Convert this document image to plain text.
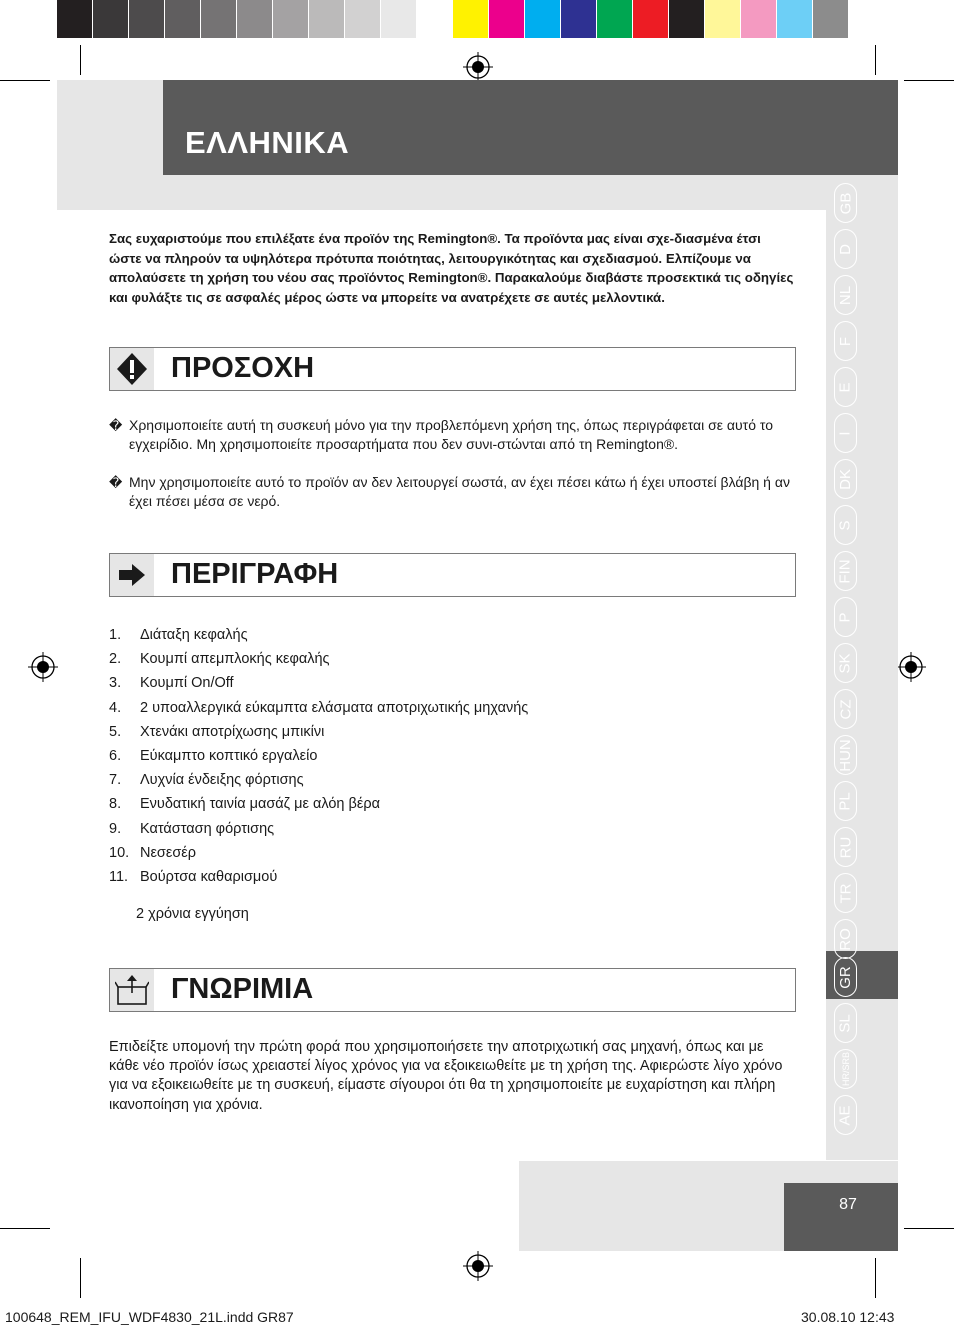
ΕΛΛΗΝΙΚΑ
GB
D
NL
F
E
I
DK
S
FIN
P
SK
CZ
HUN
PL
RU
TR
RO
GR
SL
HR/SRB
AE
Σας ευχαριστούμε που επιλέξατε ένα προϊόν της Remington®. Τα προϊόντα μας είναι σχε-διασμένα έτσι ώστε να πληρούν τα υψηλότερα πρότυπα ποιότητας, λειτουργικότητας και σχεδιασμού. Ελπίζουμε να απολαύσετε τη χρήση του νέου σας προϊόντος Remington®. Παρακαλούμε διαβάστε προσεκτικά τις οδηγίες και φυλάξτε τις σε ασφαλές μέρος ώστε να μπορείτε να ανατρέχετε σε αυτές μελλοντικά.
ΠΡΟΣΟΧΗ
� Χρησιμοποιείτε αυτή τη συσκευή μόνο για την προβλεπόμενη χρήση της, όπως περιγράφεται σε αυτό το εγχειρίδιο. Μη χρησιμοποιείτε προσαρτήματα που δεν συνι-στώνται από τη Remington®.
� Μην χρησιμοποιείτε αυτό το προϊόν αν δεν λειτουργεί σωστά, αν έχει πέσει κάτω ή έχει υποστεί βλάβη ή αν έχει πέσει μέσα σε νερό.
ΠΕΡΙΓΡΑΦΗ
1.	Διάταξη κεφαλής
2.	Κουμπί απεμπλοκής κεφαλής
3.	Κουμπί On/Off
4.	2 υποαλλεργικά εύκαμπτα ελάσματα αποτριχωτικής μηχανής
5.	Χτενάκι αποτρίχωσης μπικίνι
6.	Εύκαμπτο κοπτικό εργαλείο
7.	Λυχνία ένδειξης φόρτισης
8.	Ενυδατική ταινία μασάζ με αλόη βέρα
9.	Κατάσταση φόρτισης
10. Νεσεσέρ
11. Βούρτσα καθαρισμού
2 χρόνια εγγύηση
ΓΝΩΡΙΜΙΑ
Επιδείξτε υπομονή την πρώτη φορά που χρησιμοποιήσετε την αποτριχωτική σας μηχανή, όπως και με κάθε νέο προϊόν ίσως χρειαστεί λίγος χρόνος για να εξοικειωθείτε με τη χρήση της. Αφιερώστε λίγο χρόνο για να εξοικειωθείτε με τη συσκευή, είμαστε σίγουροι ότι θα τη χρησιμοποιείτε με ευχαρίστηση και πλήρη ικανοποίηση για χρόνια.
87
100648_REM_IFU_WDF4830_21L.indd GR87	30.08.10 12:43
